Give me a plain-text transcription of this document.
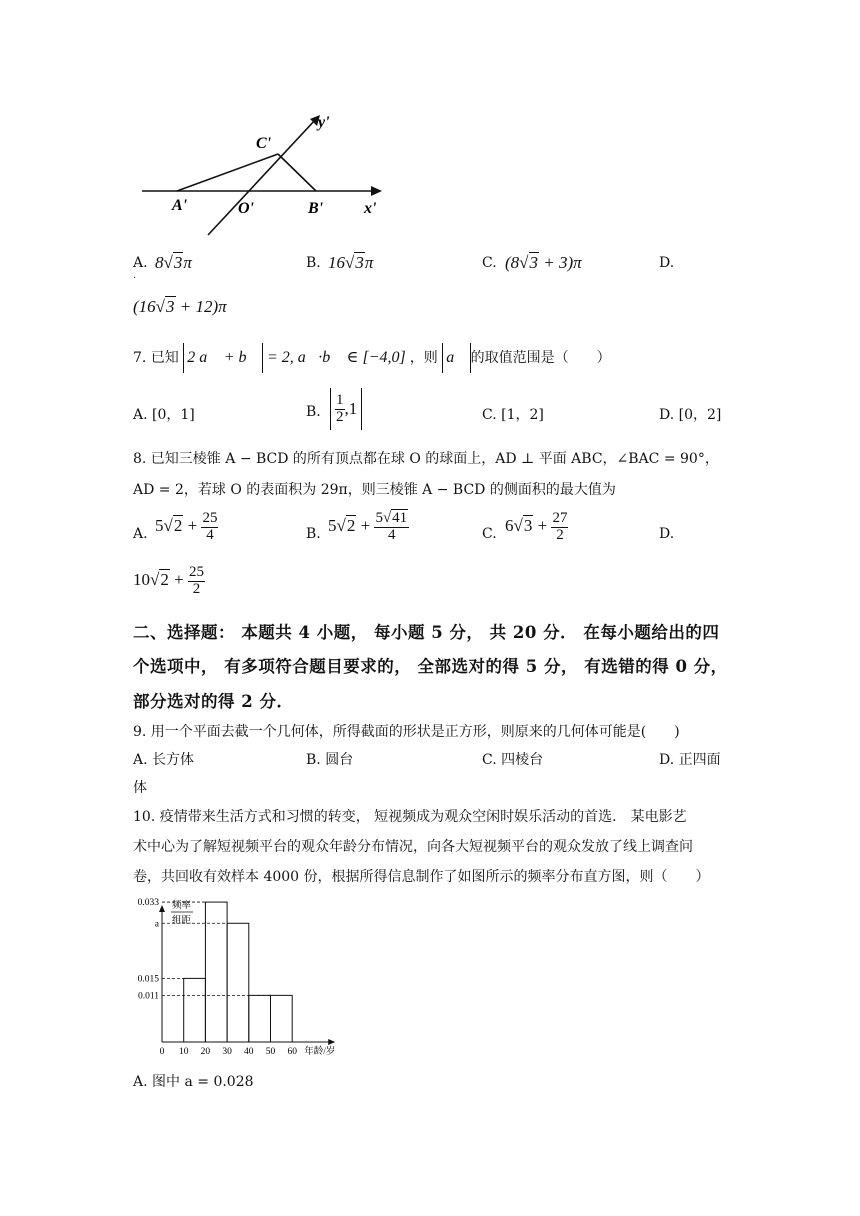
C'
y'
A'	O'	B'	x'
A. 8√3π
.
B. 16√3π	C. (8√3 + 3)π	D.
(16√3 + 12)π
7. 已知 2 a⃗ + b⃗ = 2, a⃗·b⃗ ∈ [−4,0] ，则 a⃗ 的取值范围是（　　）
A. [0，1]	B. $\frac{1}{2} ,1$	C. [1，2]	D. [0，2]
8. 已知三棱锥 A − BCD 的所有顶点都在球 O 的球面上，AD ⊥ 平面 ABC，∠BAC = 90°，
AD = 2，若球 O 的表面积为 29π，则三棱锥 A − BCD 的侧面积的最大值为
A. $5√2 + \frac{25}{4}$	B. $5√2 + \frac{5√41}{4}$	C. $6√3 + \frac{27}{2}$	D.
$10√2 + \frac{25}{2}$
二、选择题： 本题共 4 小题， 每小题 5 分， 共 20 分． 在每小题给出的四
个选项中， 有多项符合题目要求的， 全部选对的得 5 分， 有选错的得 0 分，
部分选对的得 2 分．
9. 用一个平面去截一个几何体，所得截面的形状是正方形，则原来的几何体可能是(　　)
A. 长方体	B. 圆台	C. 四棱台	D. 正四面
体
10. 疫情带来生活方式和习惯的转变， 短视频成为观众空闲时娱乐活动的首选． 某电影艺
术中心为了解短视频平台的观众年龄分布情况，向各大短视频平台的观众发放了线上调查问
卷，共回收有效样本 4000 份，根据所得信息制作了如图所示的频率分布直方图，则（　　）
频率
组距
0.033
a
0.015
0.011
0 10 20 30 40 50 60 年龄/岁
A. 图中 a = 0.028
